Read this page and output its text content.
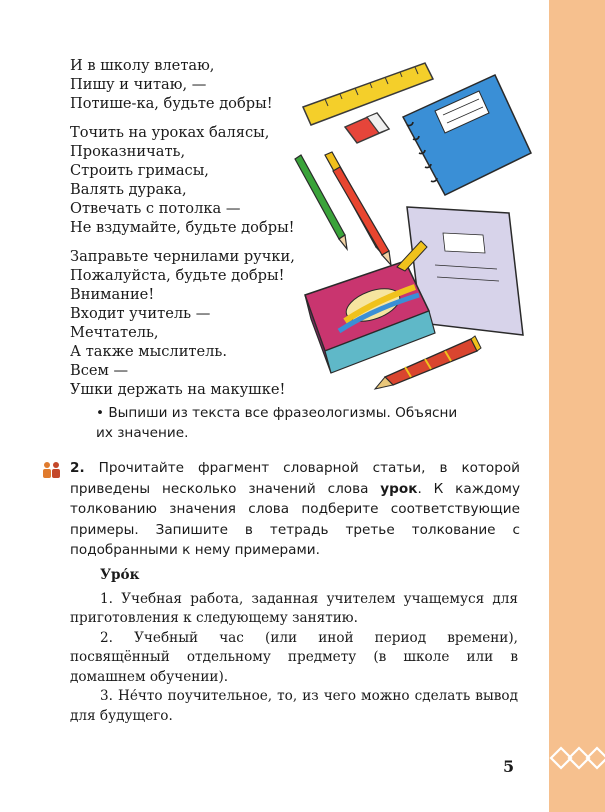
И в школу влетаю,
Пишу и читаю, —
Потише-ка, будьте добры!
Точить на уроках балясы,
Проказничать,
Строить гримасы,
Валять дурака,
Отвечать с потолка —
Не вздумайте, будьте добры!
Заправьте чернилами ручки,
Пожалуйста, будьте добры!
Внимание!
Входит учитель —
Мечтатель,
А также мыслитель.
Всем —
Ушки держать на макушке!
• Выпиши из текста все фразеологизмы. Объясни
их значение.
2. Прочитайте фрагмент словарной статьи, в которой приведены несколько значений слова урок. К каждому толкованию значения слова подберите соответствующие примеры. Запишите в тетрадь третье толкование с подобранными к нему примерами.
Уро́к

1. Учебная работа, заданная учителем учащемуся для приготовления к следующему занятию.

2. Учебный час (или иной период времени), посвящённый отдельному предмету (в школе или в домашнем обучении).

3. Не́что поучительное, то, из чего можно сделать вывод для будущего.

5
